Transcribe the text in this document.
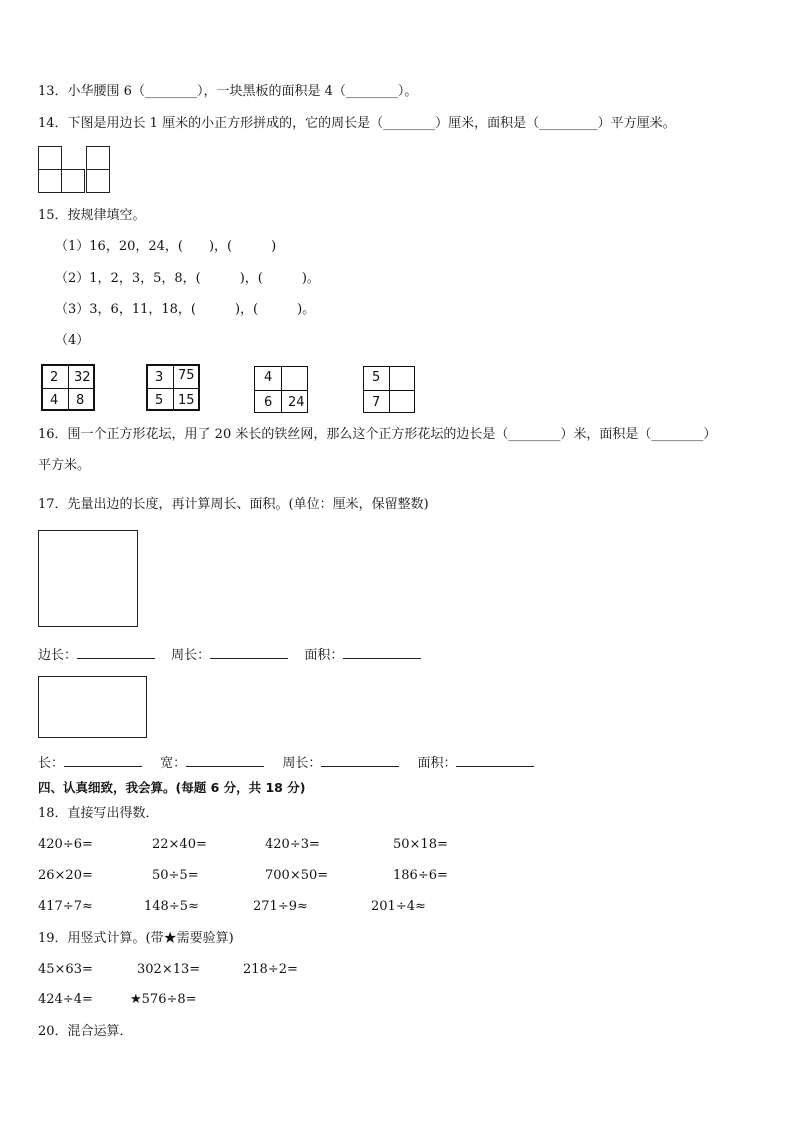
13．小华腰围 6（________），一块黑板的面积是 4（________）。
14．下图是用边长 1 厘米的小正方形拼成的，它的周长是（________）厘米，面积是（_________）平方厘米。
15．按规律填空。
（1）16，20，24，(　　)，(　　　)
（2）1，2，3，5，8，(　　　)，(　　　)。
（3）3，6，11，18，(　　　)，(　　　)。
（4）
2 32
4 8
3 75
5 15
4
6 24
5
7
16．围一个正方形花坛，用了 20 米长的铁丝网，那么这个正方形花坛的边长是（________）米，面积是（________）
平方米。
17．先量出边的长度，再计算周长、面积。(单位：厘米，保留整数)
边长：	周长：	面积：
长：	宽：	周长：	面积：
四、认真细致，我会算。(每题 6 分，共 18 分)
18．直接写出得数．
420÷6=	22×40=	420÷3=	50×18=
26×20=	50÷5=	700×50=	186÷6=
417÷7≈	148÷5≈	271÷9≈	201÷4≈
19．用竖式计算。(带★需要验算)
45×63=	302×13=	218÷2=
424÷4=	★576÷8=
20．混合运算．
